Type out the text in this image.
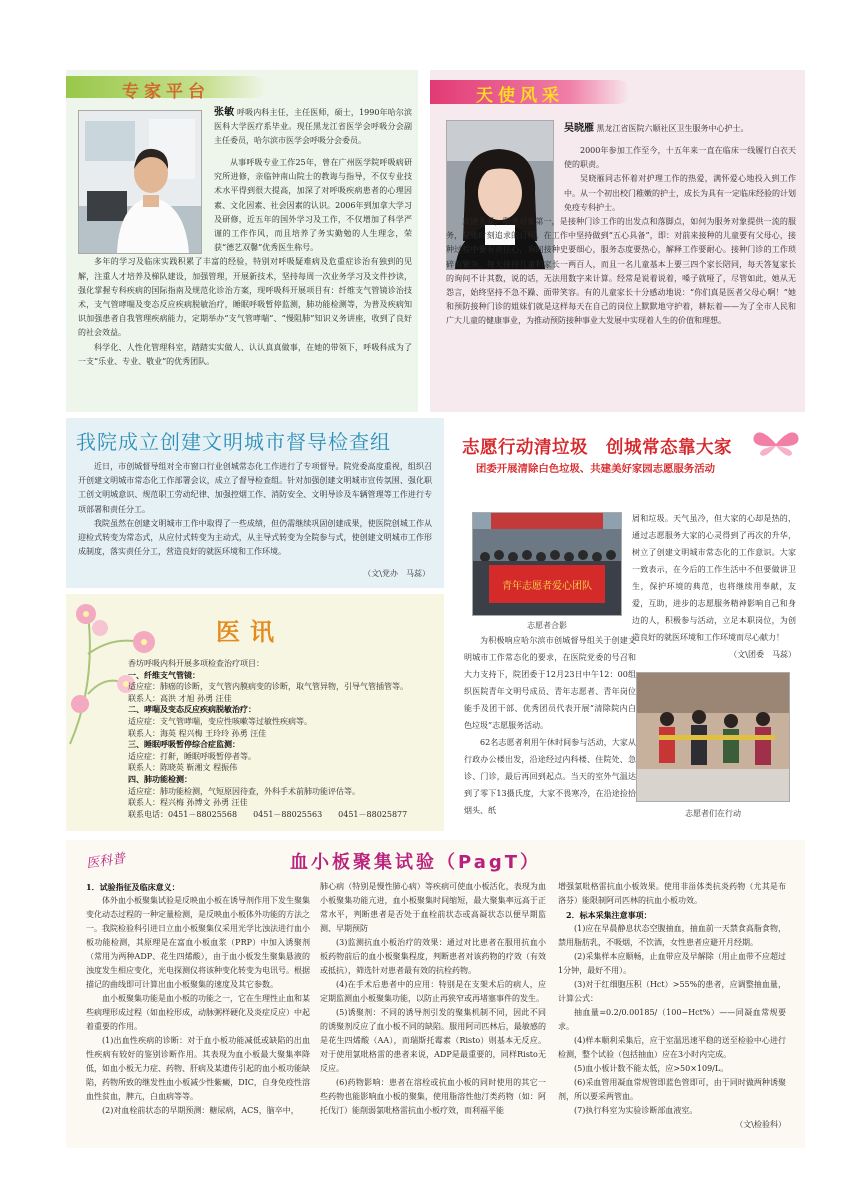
专家平台
张敏 呼吸内科主任，主任医师，硕士，1990年哈尔滨医科大学医疗系毕业。现任黑龙江省医学会呼吸分会副主任委员，哈尔滨市医学会呼吸分会委员。

从事呼吸专业工作25年，曾在广州医学院呼吸病研究所进修，亲临钟南山院士的教诲与指导，不仅专业技术水平得到很大提高，加深了对呼吸疾病患者的心理因素、文化因素、社会因素的认识。2006年到加拿大学习及研修，近五年的国外学习及工作，不仅增加了科学严谨的工作作风，而且培养了务实勤勉的人生理念，荣获“德艺双馨”优秀医生称号。

多年的学习及临床实践积累了丰富的经验，特别对呼吸疑难病及危重症诊治有独到的见解，注重人才培养及梯队建设，加强管理，开展新技术，坚持每周一次业务学习及文件抄读，强化掌握专科疾病的国际指南及规范化诊治方案，现呼吸科开展项目有：纤维支气管镜诊治技术，支气管哮喘及变态反应疾病脱敏治疗，睡眠呼吸暂停监测，肺功能检测等，为普及疾病知识加强患者自我管理疾病能力，定期举办“支气管哮喘”、“慢阻肺”知识义务讲座，收到了良好的社会效益。

科学化、人性化管理科室，踏踏实实做人、认认真真做事，在她的带领下，呼吸科成为了一支“乐业、专业、敬业”的优秀团队。

天使风采
吴晓雁 黑龙江省医院六顺社区卫生服务中心护士。

2000年参加工作至今，十五年来一直在临床一线履行白衣天使的职责。

吴晓雁同志怀着对护理工作的热爱，满怀爱心地投入到工作中。从一个初出校门稚嫩的护士，成长为具有一定临床经验的计划免疫专科护士。

真情关爱，服务对象第一，是接种门诊工作的出发点和落脚点，如何为服务对象提供一流的服务，是她时刻追求的目标。在工作中坚持做到“五心具备”，即：对前来接种的儿童要有父母心，接种过程中要有责任心，询问接种史要细心，服务态度要热心，解释工作要耐心。接种门诊的工作琐碎而繁杂，每天接待儿童和家长一两百人，而且一名儿童基本上要三四个家长陪同，每天答复家长的询问不计其数，说的话，无法用数字来计算。经常是说着说着，嗓子就哑了，尽管如此，她从无怨言，始终坚持不急不躁、面带笑容。有的儿童家长十分感动地说：“你们真是医者父母心啊！”她和预防接种门诊的姐妹们就是这样每天在自己的岗位上默默地守护着，耕耘着——为了全市人民和广大儿童的健康事业，为推动预防接种事业大发展中实现着人生的价值和理想。

我院成立创建文明城市督导检查组

近日，市创城督导组对全市窗口行业创城常态化工作进行了专项督导。院党委高度重视，组织召开创建文明城市常态化工作部署会议，成立了督导检查组。针对加强创建文明城市宣传氛围、强化职工创文明城意识、规范职工劳动纪律、加强控烟工作、消防安全、文明导诊及车辆管理等工作进行专项部署和责任分工。

我院虽然在创建文明城市工作中取得了一些成绩，但仍需继续巩固创建成果，使医院创城工作从迎检式转变为常态式，从应付式转变为主动式，从主导式转变为全院参与式，使创建文明城市工作形成制度，落实责任分工，营造良好的就医环境和工作环境。

（文\党办　马蕊）
医讯
香坊呼吸内科开展多项检查治疗项目：
一、纤维支气管镜：
适应症：肺癌的诊断，支气管内膜病变的诊断，取气管异物，引导气管插管等。
联系人：高洪 才旭 孙勇 汪佳
二、哮喘及变态反应疾病脱敏治疗：
适应症：支气管哮喘，变应性咳嗽等过敏性疾病等。
联系人：海英 程兴梅 王玲玲 孙勇 汪佳
三、睡眠呼吸暂停综合症监测：
适应症：打鼾，睡眠呼吸暂停者等。
联系人：陈晓英 靳湘文 程振伟
四、肺功能检测：
适应症：肺功能检测，气短原因待查，外科手术前肺功能评估等。
联系人：程兴梅 孙博文 孙勇 汪佳
联系电话：0451－88025568　　0451－88025563　　0451－88025877
志愿行动清垃圾　创城常态靠大家
团委开展清除白色垃圾、共建美好家园志愿服务活动
青年志愿者爱心团队
志愿者合影
屑和垃圾。天气虽冷，但大家的心却是热的，通过志愿服务大家的心灵得到了再次的升华，树立了创建文明城市常态化的工作意识。大家一致表示，在今后的工作生活中不但要做讲卫生，保护环境的典范，也将继续用奉献，友爱，互助，进步的志愿服务精神影响自己和身边的人，积极参与活动，立足本职岗位，为创造良好的就医环境和工作环境而尽心献力！
（文\团委　马蕊）

为积极响应哈尔滨市创城督导组关于创建文明城市工作常态化的要求，在医院党委的号召和大力支持下，院团委于12月23日中午12：00组织医院青年文明号成员、青年志愿者、青年岗位能手及团干部、优秀团员代表开展“清除院内白色垃圾”志愿服务活动。

62名志愿者利用午休时间参与活动，大家从行政办公楼出发，沿途经过内科楼、住院处、急诊、门诊，最后再回到起点。当天的室外气温达到了零下13摄氏度，大家不畏寒冷，在沿途捡拾烟头、纸	志愿者们在行动
医科普	血小板聚集试验（PagT）
1．试验指征及临床意义：

体外血小板聚集试验是反映血小板在诱导剂作用下发生聚集变化动态过程的一种定量检测，是反映血小板体外功能的方法之一。我院检验科引进日立血小板聚集仪采用光学比浊法进行血小板功能检测，其原理是在富血小板血浆（PRP）中加入诱聚剂（常用为两种ADP、花生四烯酸），由于血小板发生聚集悬液的浊度发生相应变化，光电探测仪将该种变化转变为电讯号。根据描记的曲线即可计算出血小板聚集的速度及其它参数。

血小板聚集功能是血小板的功能之一，它在生理性止血和某些病理形成过程（如血栓形成，动脉粥样硬化及炎症反应）中起着重要的作用。

(1)出血性疾病的诊断：对于血小板功能减低或缺陷的出血性疾病有较好的鉴别诊断作用。其表现为血小板最大聚集率降低，如血小板无力症、药物、肝病及某遗传引起的血小板功能缺陷，药物所致的继发性血小板减少性紫癜，DIC，自身免疫性溶血性贫血，脾亢，白血病等等。

(2)对血栓前状态的早期预测：糖尿病，ACS，脑卒中，

肺心病（特别是慢性肺心病）等疾病可使血小板活化，表现为血小板聚集功能亢进，血小板聚集时间缩短，最大聚集率远高于正常水平，判断患者是否处于血栓前状态或高凝状态以便早期监测、早期预防

(3)监测抗血小板治疗的效果：通过对比患者在服用抗血小板药物前后的血小板聚集程度，判断患者对该药物的疗效（有效或抵抗），筛选针对患者最有效的抗栓药物。

(4)在手术后患者中的应用：特别是在支架术后的病人，应定期监测血小板聚集功能，以防止再狭窄或再堵塞事件的发生。

(5)诱聚剂：不同的诱导剂引发的聚集机制不同，因此不同的诱聚剂反应了血小板不同的缺陷。服用阿司匹林后，最敏感的是花生四烯酸（AA），而瑞斯托霉素（Risto）则基本无反应。对于使用氯吡格雷的患者来说，ADP是最重要的，同样Risto无反应。

(6)药物影响：患者在溶栓或抗血小板的同时使用的其它一些药物也能影响血小板的聚集，使用脂溶性他汀类药物（如：阿托伐汀）能削弱氯吡格雷抗血小板疗效，而利福平能

增强氯吡格雷抗血小板效果。使用非甾体类抗炎药物（尤其是布洛芬）能限制阿司匹林的抗血小板功效。

2．标本采集注意事项：

(1)应在早晨静息状态空腹抽血，抽血前一天禁食高脂食物，禁用脂肪乳，不吸烟，不饮酒，女性患者应避开月经期。

(2)采集样本应顺畅，止血带应及早解除（用止血带不应超过1分钟，最好不用）。

(3)对于红细胞压积（Hct）>55%的患者，应调整抽血量，计算公式：

抽血量=0.2/0.00185/（100−Hct%）——同凝血常规要求。

(4)样本顺利采集后，应于室温迅速平稳的送至检验中心进行检测，整个试验（包括抽血）应在3小时内完成。

(5)血小板计数不能太低，应>50×109/L。

(6)采血管用凝血常规管即蓝色管即可，由于同时做两种诱聚剂，所以要采两管血。

(7)执行科室为实验诊断部血液室。

（文\检验科）
